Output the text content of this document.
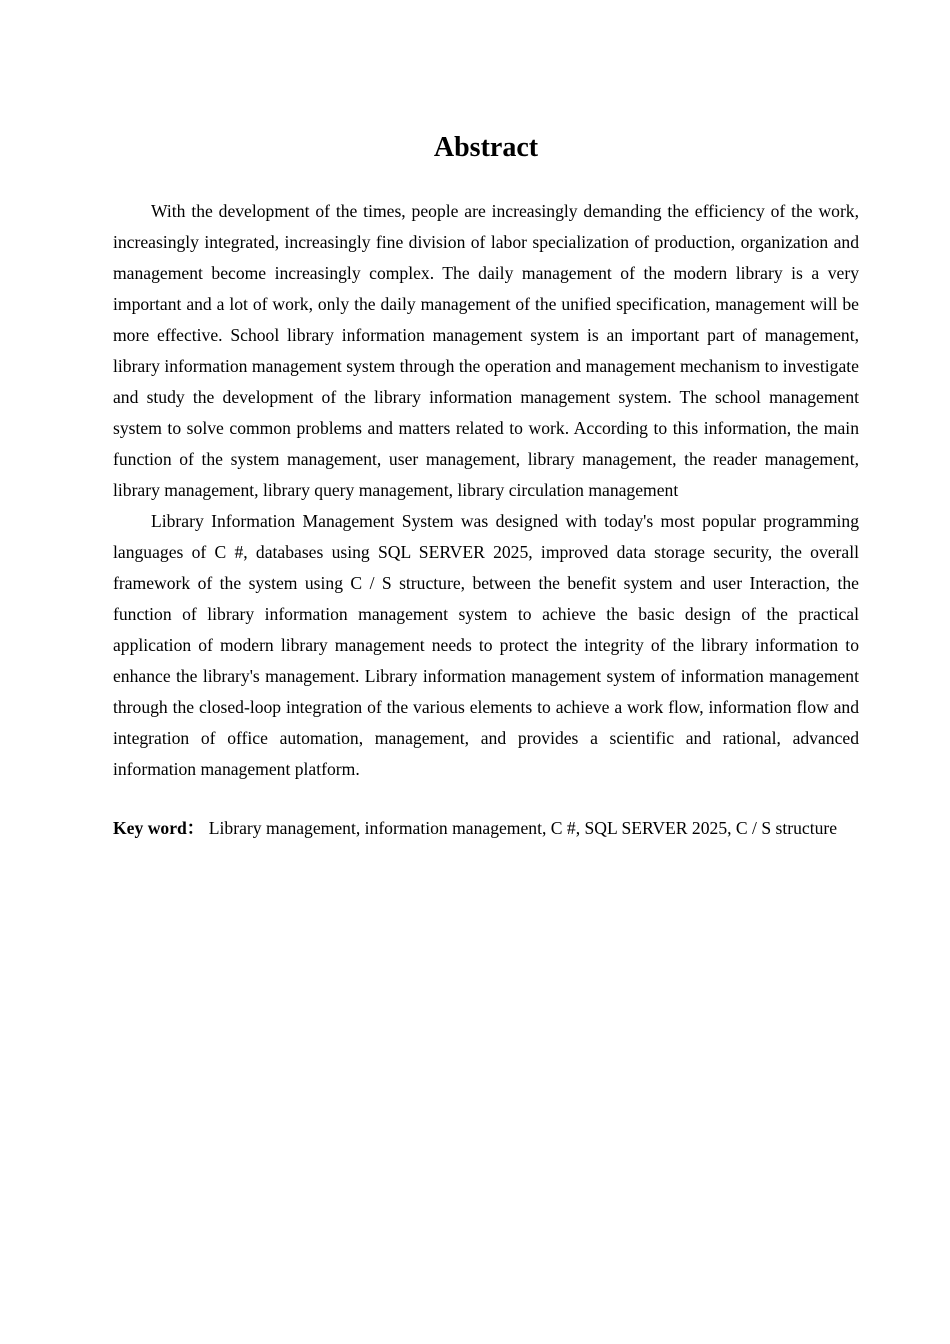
Abstract

With the development of the times, people are increasingly demanding the efficiency of the work, increasingly integrated, increasingly fine division of labor specialization of production, organization and management become increasingly complex. The daily management of the modern library is a very important and a lot of work, only the daily management of the unified specification, management will be more effective. School library information management system is an important part of management, library information management system through the operation and management mechanism to investigate and study the development of the library information management system. The school management system to solve common problems and matters related to work. According to this information, the main function of the system management, user management, library management, the reader management, library management, library query management, library circulation management

Library Information Management System was designed with today's most popular programming languages of C #, databases using SQL SERVER 2025, improved data storage security, the overall framework of the system using C / S structure, between the benefit system and user Interaction, the function of library information management system to achieve the basic design of the practical application of modern library management needs to protect the integrity of the library information to enhance the library's management. Library information management system of information management through the closed-loop integration of the various elements to achieve a work flow, information flow and integration of office automation, management, and provides a scientific and rational, advanced information management platform.

Key word： Library management, information management, C #, SQL SERVER 2025, C / S structure
